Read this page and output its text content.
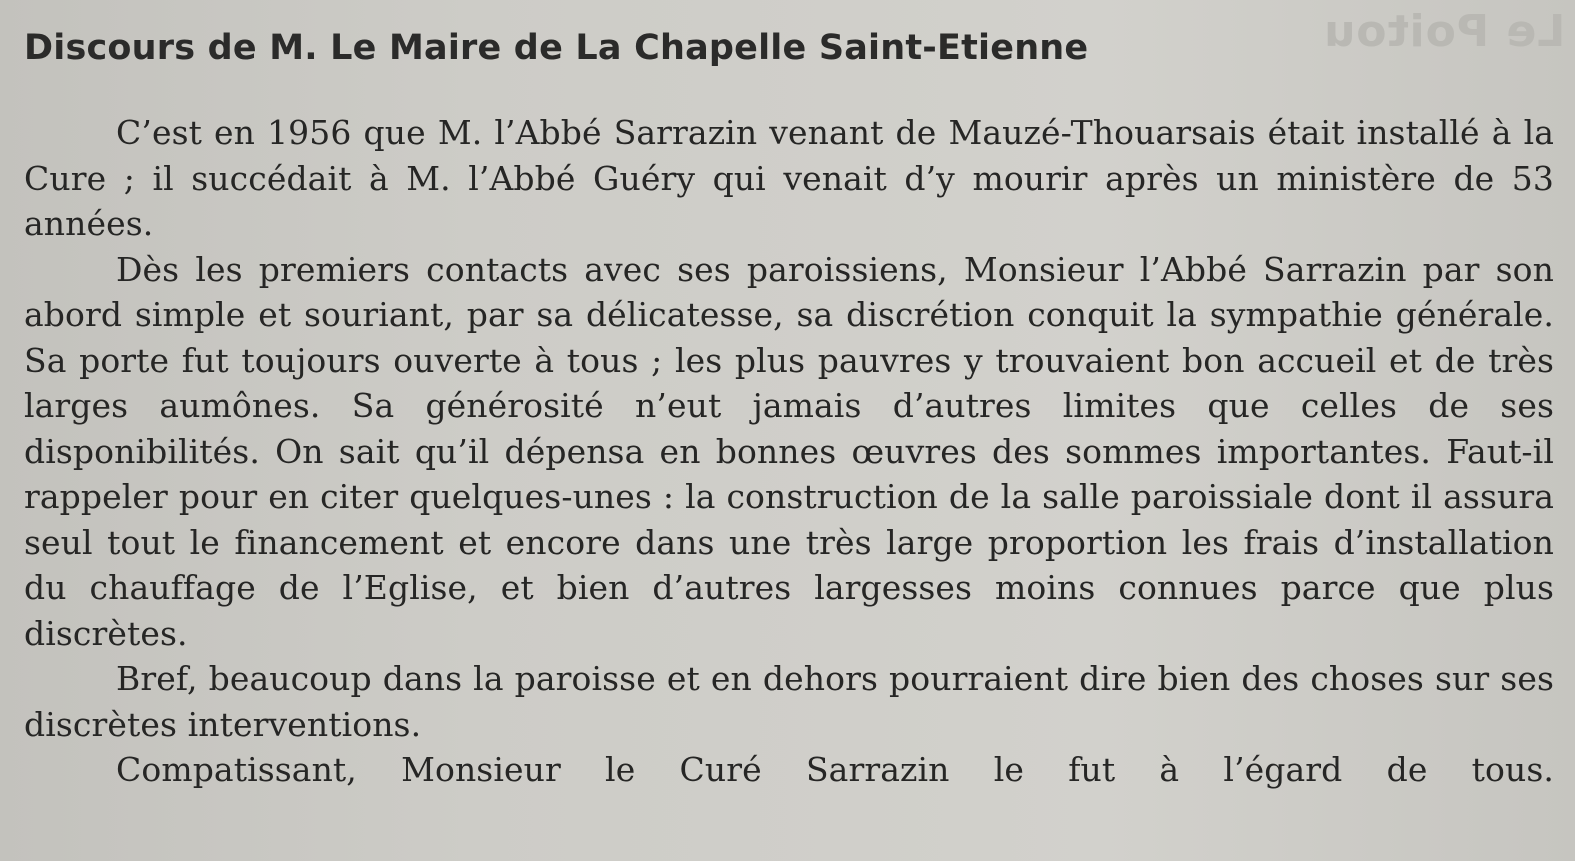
Le Poitou
Discours de M. Le Maire de La Chapelle Saint-Etienne

C’est en 1956 que M. l’Abbé Sarrazin venant de Mauzé-Thouarsais était installé à la Cure ; il succédait à M. l’Abbé Guéry qui venait d’y mourir après un ministère de 53 années.

Dès les premiers contacts avec ses paroissiens, Monsieur l’Abbé Sarrazin par son abord simple et souriant, par sa délicatesse, sa discrétion conquit la sympathie générale. Sa porte fut toujours ouverte à tous ; les plus pauvres y trouvaient bon accueil et de très larges aumônes. Sa générosité n’eut jamais d’autres limites que celles de ses disponibilités. On sait qu’il dépensa en bonnes œuvres des sommes importantes. Faut-il rappeler pour en citer quelques-unes : la construction de la salle paroissiale dont il assura seul tout le financement et encore dans une très large proportion les frais d’installation du chauffage de l’Eglise, et bien d’autres largesses moins connues parce que plus discrètes.

Bref, beaucoup dans la paroisse et en dehors pourraient dire bien des choses sur ses discrètes interventions.

Compatissant, Monsieur le Curé Sarrazin le fut à l’égard de tous.
